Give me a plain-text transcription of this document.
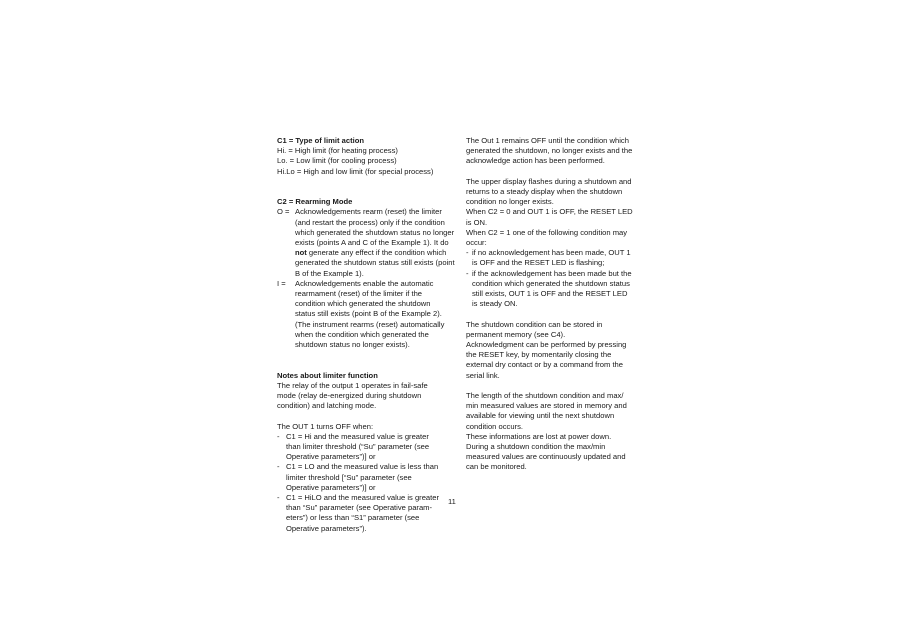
C1 = Type of limit action
Hi. = High limit (for heating process)
Lo. = Low limit (for cooling process)
Hi.Lo = High and low limit (for special process)
C2 = Rearming Mode
O = Acknowledgements rearm (reset) the limiter
(and restart the process) only if the condition
which generated the shutdown status no longer
exists (points A and C of the Example 1). It do
not generate any effect if the condition which
generated the shutdown status still exists (point
B of the Example 1).
I =	Acknowledgements enable the automatic
rearmament (reset) of the limiter if the
condition which generated the shutdown
status still exists (point B of the Example 2).
(The instrument rearms (reset) automatically
when the condition which generated the
shutdown status no longer exists).
Notes about limiter function
The relay of the output 1 operates in fail-safe
mode (relay de-energized during shutdown
condition) and latching mode.
The OUT 1 turns OFF when:
- C1 = Hi and the measured value is greater
than limiter threshold (“Su” parameter (see
Operative parameters”)] or
- C1 = LO and the measured value is less than
limiter threshold [“Su” parameter (see
Operative parameters”)] or
- C1 = HiLO and the measured value is greater
than “Su” parameter (see Operative param-
eters”) or less than “S1” parameter (see
Operative parameters”).
The Out 1 remains OFF until the condition which
generated the shutdown, no longer exists and the
acknowledge action has been performed.
The upper display flashes during a shutdown and
returns to a steady display when the shutdown
condition no longer exists.
When C2 = 0 and OUT 1 is OFF, the RESET LED
is ON.
When C2 = 1 one of the following condition may
occur:
- if no acknowledgement has been made, OUT 1
is OFF and the RESET LED is flashing;
- if the acknowledgement has been made but the
condition which generated the shutdown status
still exists, OUT 1 is OFF and the RESET LED
is steady ON.
The shutdown condition can be stored in
permanent memory (see C4).
Acknowledgment can be performed by pressing
the RESET key, by momentarily closing the
external dry contact or by a command from the
serial link.
The length of the shutdown condition and max/
min measured values are stored in memory and
available for viewing until the next shutdown
condition occurs.
These informations are lost at power down.
During a shutdown condition the max/min
measured values are continuously updated and
can be monitored.
11
